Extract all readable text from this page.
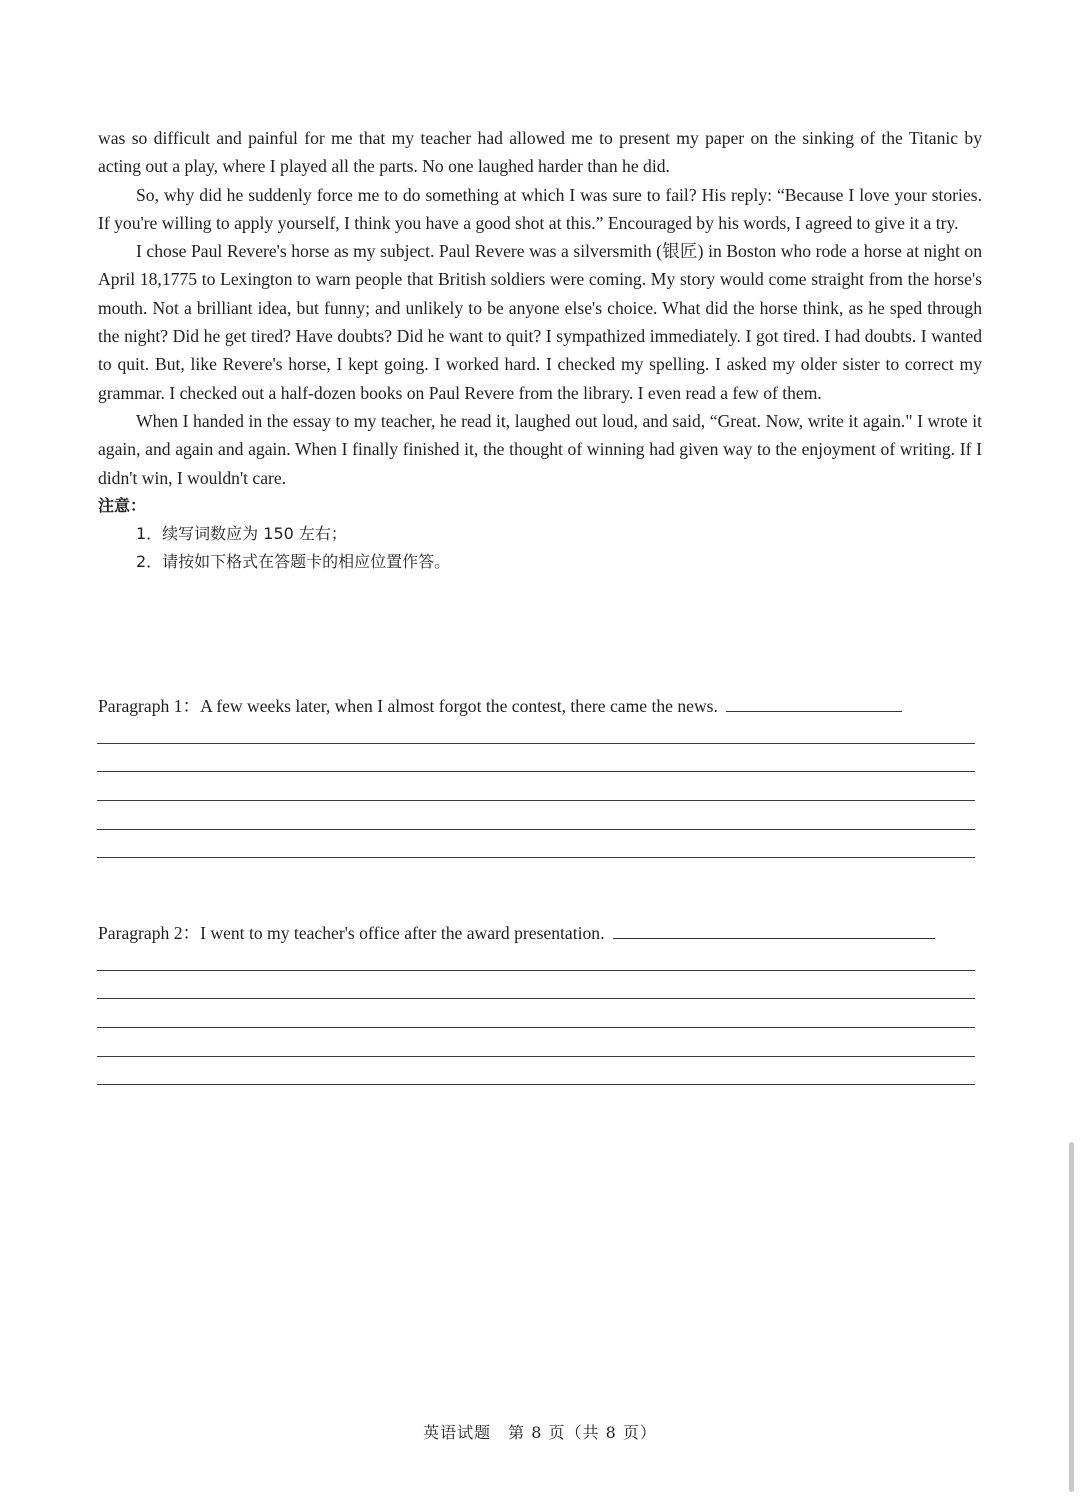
was so difficult and painful for me that my teacher had allowed me to present my paper on the sinking of the Titanic by acting out a play, where I played all the parts. No one laughed harder than he did.

So, why did he suddenly force me to do something at which I was sure to fail? His reply: “Because I love your stories. If you're willing to apply yourself, I think you have a good shot at this.” Encouraged by his words, I agreed to give it a try.

I chose Paul Revere's horse as my subject. Paul Revere was a silversmith (银匠) in Boston who rode a horse at night on April 18,1775 to Lexington to warn people that British soldiers were coming. My story would come straight from the horse's mouth. Not a brilliant idea, but funny; and unlikely to be anyone else's choice. What did the horse think, as he sped through the night? Did he get tired? Have doubts? Did he want to quit? I sympathized immediately. I got tired. I had doubts. I wanted to quit. But, like Revere's horse, I kept going. I worked hard. I checked my spelling. I asked my older sister to correct my grammar. I checked out a half-dozen books on Paul Revere from the library. I even read a few of them.

When I handed in the essay to my teacher, he read it, laughed out loud, and said, “Great. Now, write it again." I wrote it again, and again and again. When I finally finished it, the thought of winning had given way to the enjoyment of writing. If I didn't win, I wouldn't care.

注意：

1．续写词数应为 150 左右；

2．请按如下格式在答题卡的相应位置作答。

Paragraph 1：A few weeks later, when I almost forgot the contest, there came the news.
Paragraph 2：I went to my teacher's office after the award presentation.
英语试题　第 8 页（共 8 页）
